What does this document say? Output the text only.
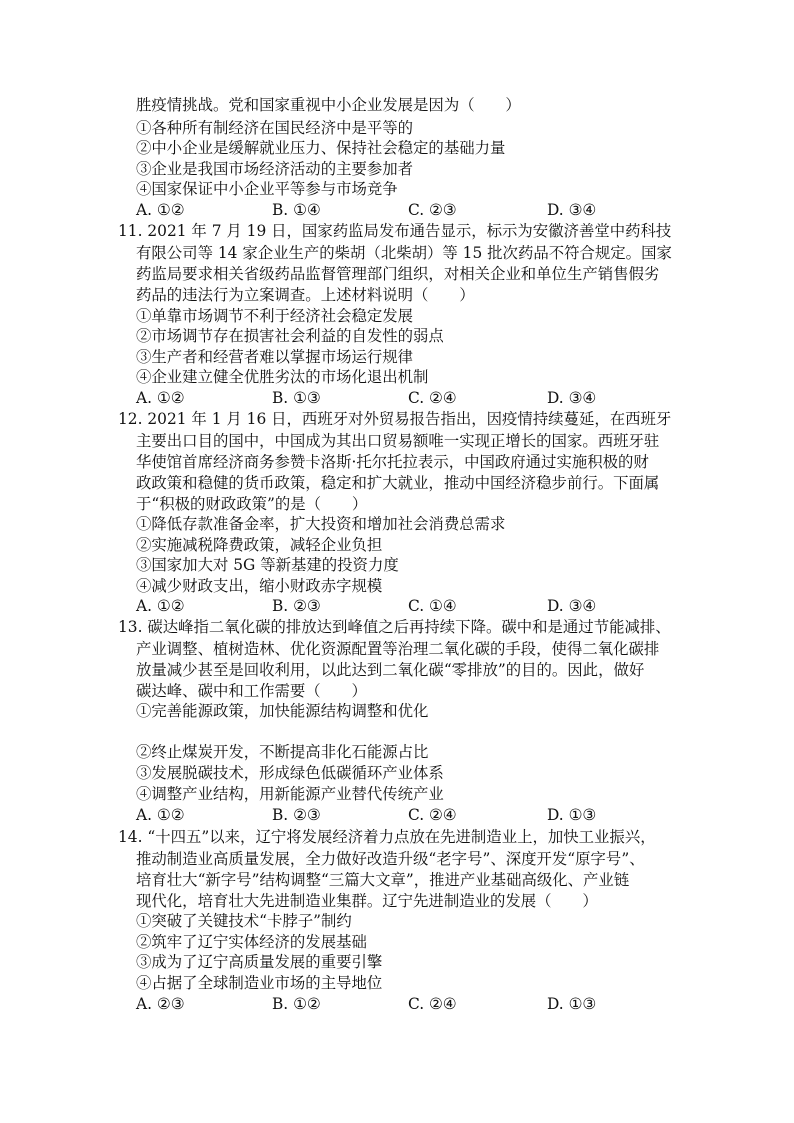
胜疫情挑战。党和国家重视中小企业发展是因为（　　）
①各种所有制经济在国民经济中是平等的
②中小企业是缓解就业压力、保持社会稳定的基础力量
③企业是我国市场经济活动的主要参加者
④国家保证中小企业平等参与市场竞争
A. ①②	B. ①④	C. ②③	D. ③④
11. 2021 年 7 月 19 日，国家药监局发布通告显示，标示为安徽济善堂中药科技
有限公司等 14 家企业生产的柴胡（北柴胡）等 15 批次药品不符合规定。国家
药监局要求相关省级药品监督管理部门组织，对相关企业和单位生产销售假劣
药品的违法行为立案调查。上述材料说明（　　）
①单靠市场调节不利于经济社会稳定发展
②市场调节存在损害社会利益的自发性的弱点
③生产者和经营者难以掌握市场运行规律
④企业建立健全优胜劣汰的市场化退出机制
A. ①②	B. ①③	C. ②④	D. ③④
12. 2021 年 1 月 16 日，西班牙对外贸易报告指出，因疫情持续蔓延，在西班牙
主要出口目的国中，中国成为其出口贸易额唯一实现正增长的国家。西班牙驻
华使馆首席经济商务参赞卡洛斯·托尔托拉表示，中国政府通过实施积极的财
政政策和稳健的货币政策，稳定和扩大就业，推动中国经济稳步前行。下面属
于“积极的财政政策”的是（　　）
①降低存款准备金率，扩大投资和增加社会消费总需求
②实施减税降费政策，减轻企业负担
③国家加大对 5G 等新基建的投资力度
④减少财政支出，缩小财政赤字规模
A. ①②	B. ②③	C. ①④	D. ③④
13. 碳达峰指二氧化碳的排放达到峰值之后再持续下降。碳中和是通过节能减排、
产业调整、植树造林、优化资源配置等治理二氧化碳的手段，使得二氧化碳排
放量减少甚至是回收利用，以此达到二氧化碳“零排放”的目的。因此，做好
碳达峰、碳中和工作需要（　　）
①完善能源政策，加快能源结构调整和优化
②终止煤炭开发，不断提高非化石能源占比
③发展脱碳技术，形成绿色低碳循环产业体系
④调整产业结构，用新能源产业替代传统产业
A. ①②	B. ②③	C. ②④	D. ①③
14. “十四五”以来，辽宁将发展经济着力点放在先进制造业上，加快工业振兴，
推动制造业高质量发展，全力做好改造升级“老字号”、深度开发“原字号”、
培育壮大“新字号”结构调整“三篇大文章”，推进产业基础高级化、产业链
现代化，培育壮大先进制造业集群。辽宁先进制造业的发展（　　）
①突破了关键技术“卡脖子”制约
②筑牢了辽宁实体经济的发展基础
③成为了辽宁高质量发展的重要引擎
④占据了全球制造业市场的主导地位
A. ②③	B. ①②	C. ②④	D. ①③
